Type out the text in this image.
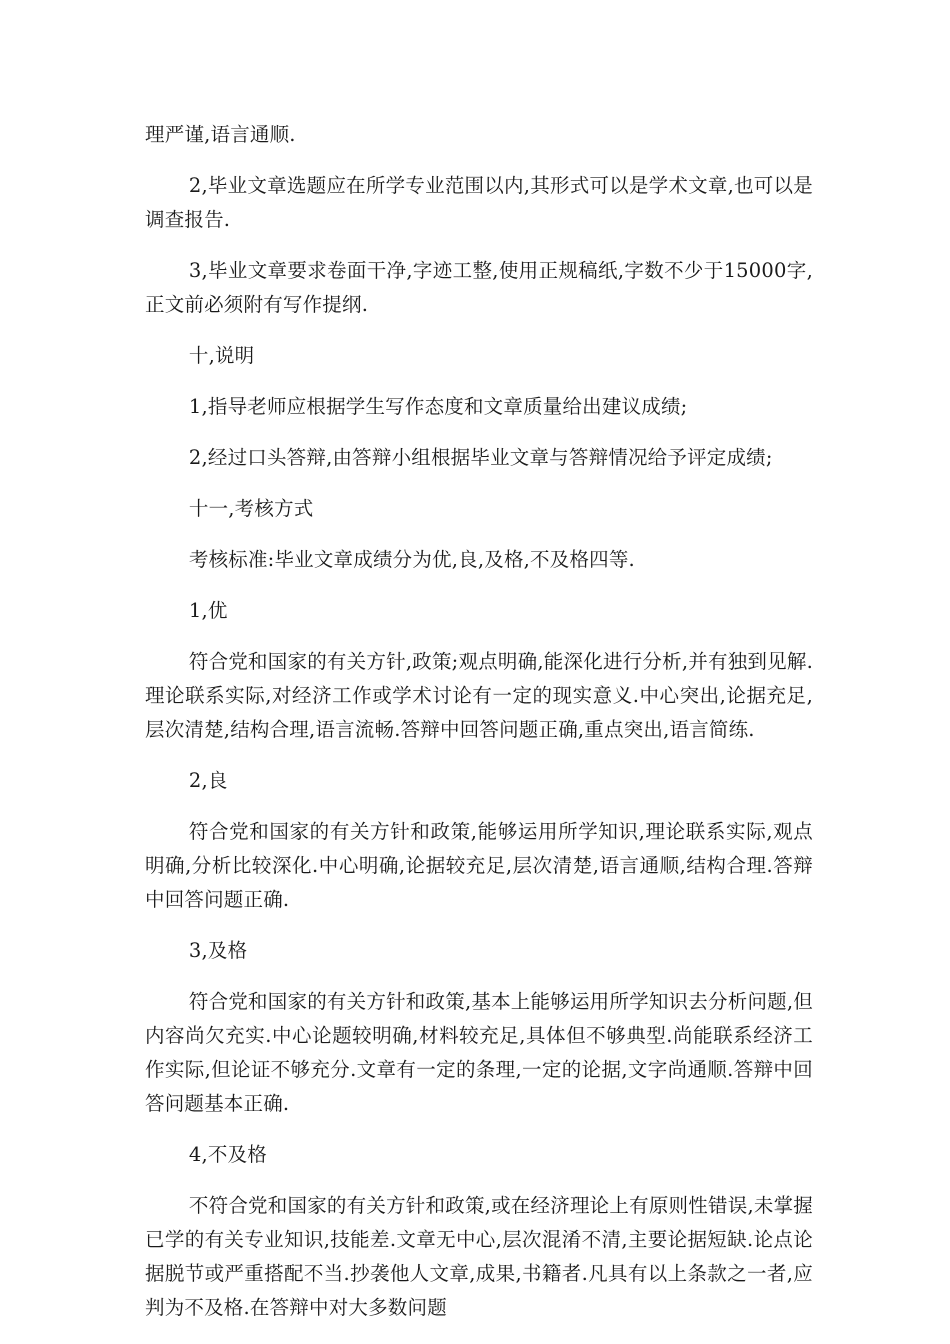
理严谨,语言通顺.

2,毕业文章选题应在所学专业范围以内,其形式可以是学术文章,也可以是调查报告.

3,毕业文章要求卷面干净,字迹工整,使用正规稿纸,字数不少于15000字,正文前必须附有写作提纲.

十,说明

1,指导老师应根据学生写作态度和文章质量给出建议成绩;

2,经过口头答辩,由答辩小组根据毕业文章与答辩情况给予评定成绩;

十一,考核方式

考核标准:毕业文章成绩分为优,良,及格,不及格四等.

1,优

符合党和国家的有关方针,政策;观点明确,能深化进行分析,并有独到见解.理论联系实际,对经济工作或学术讨论有一定的现实意义.中心突出,论据充足,层次清楚,结构合理,语言流畅.答辩中回答问题正确,重点突出,语言简练.

2,良

符合党和国家的有关方针和政策,能够运用所学知识,理论联系实际,观点明确,分析比较深化.中心明确,论据较充足,层次清楚,语言通顺,结构合理.答辩中回答问题正确.

3,及格

符合党和国家的有关方针和政策,基本上能够运用所学知识去分析问题,但内容尚欠充实.中心论题较明确,材料较充足,具体但不够典型.尚能联系经济工作实际,但论证不够充分.文章有一定的条理,一定的论据,文字尚通顺.答辩中回答问题基本正确.

4,不及格

不符合党和国家的有关方针和政策,或在经济理论上有原则性错误,未掌握已学的有关专业知识,技能差.文章无中心,层次混淆不清,主要论据短缺.论点论据脱节或严重搭配不当.抄袭他人文章,成果,书籍者.凡具有以上条款之一者,应判为不及格.在答辩中对大多数问题
